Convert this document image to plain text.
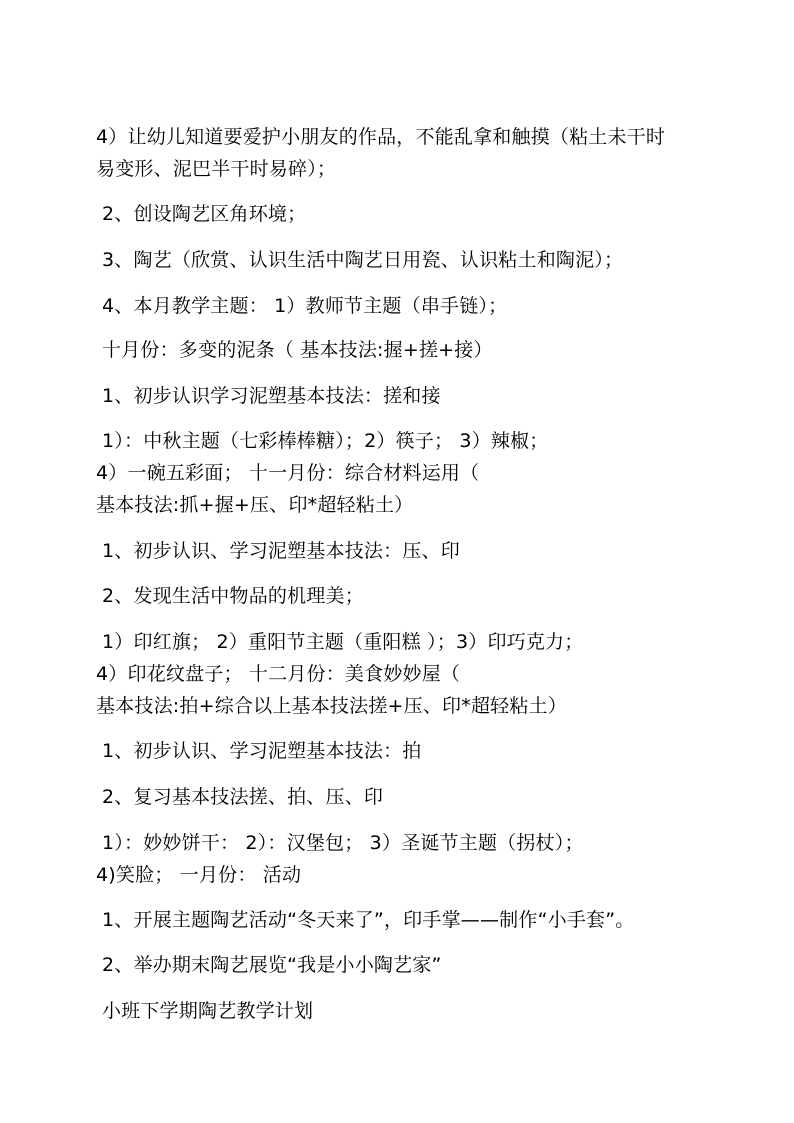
4）让幼儿知道要爱护小朋友的作品，不能乱拿和触摸（粘土未干时
易变形、泥巴半干时易碎）；
2、创设陶艺区角环境；
3、陶艺（欣赏、认识生活中陶艺日用瓷、认识粘土和陶泥）；
4、本月教学主题： 1）教师节主题（串手链）；
十月份：多变的泥条（ 基本技法:握+搓+接）
1、初步认识学习泥塑基本技法：搓和接
1）：中秋主题（七彩棒棒糖）；2）筷子； 3）辣椒；
4）一碗五彩面； 十一月份：综合材料运用（
基本技法:抓+握+压、印*超轻粘土）
1、初步认识、学习泥塑基本技法：压、印
2、发现生活中物品的机理美；
1）印红旗； 2）重阳节主题（重阳糕 ）；3）印巧克力；
4）印花纹盘子； 十二月份：美食妙妙屋（
基本技法:拍+综合以上基本技法搓+压、印*超轻粘土）
1、初步认识、学习泥塑基本技法：拍
2、复习基本技法搓、拍、压、印
1）：妙妙饼干： 2）：汉堡包； 3）圣诞节主题（拐杖）；
4)笑脸； 一月份： 活动
1、开展主题陶艺活动“冬天来了”，印手掌——制作“小手套”。
2、举办期末陶艺展览“我是小小陶艺家”
小班下学期陶艺教学计划
